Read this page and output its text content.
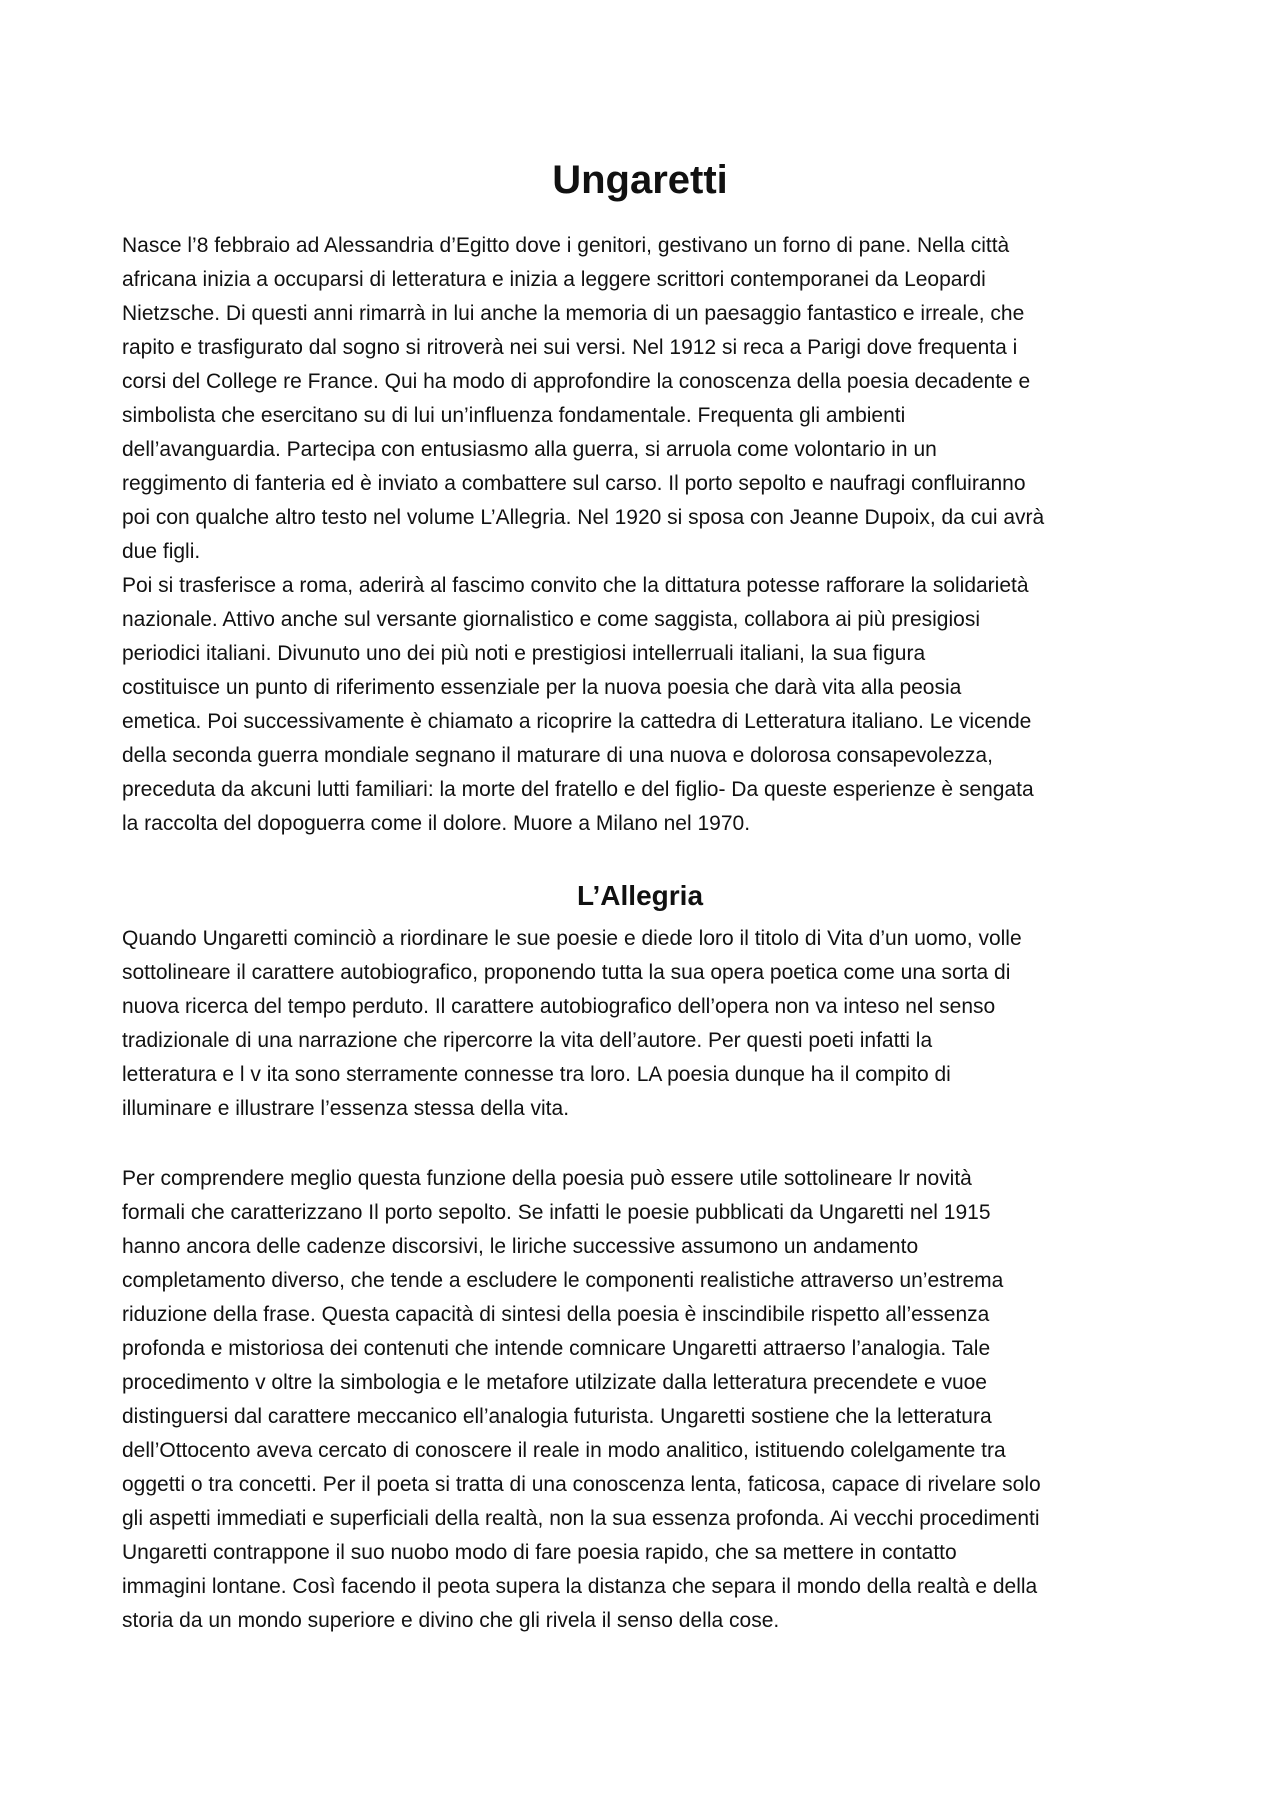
Ungaretti
Nasce l’8 febbraio ad Alessandria d’Egitto dove i genitori, gestivano un forno di pane. Nella città
africana inizia a occuparsi di letteratura e inizia a leggere scrittori contemporanei da Leopardi
Nietzsche. Di questi anni rimarrà in lui anche la memoria di un paesaggio fantastico e irreale, che
rapito e trasfigurato dal sogno si ritroverà nei sui versi. Nel 1912 si reca a Parigi dove frequenta i
corsi del College re France. Qui ha modo di approfondire la conoscenza della poesia decadente e
simbolista che esercitano su di lui un’influenza fondamentale. Frequenta gli ambienti
dell’avanguardia. Partecipa con entusiasmo alla guerra, si arruola come volontario in un
reggimento di fanteria ed è inviato a combattere sul carso. Il porto sepolto e naufragi confluiranno
poi con qualche altro testo nel volume L’Allegria. Nel 1920 si sposa con Jeanne Dupoix, da cui avrà
due figli.
Poi si trasferisce a roma, aderirà al fascimo convito che la dittatura potesse rafforare la solidarietà
nazionale. Attivo anche sul versante giornalistico e come saggista, collabora ai più presigiosi
periodici italiani. Divunuto uno dei più noti e prestigiosi intellerruali italiani, la sua figura
costituisce un punto di riferimento essenziale per la nuova poesia che darà vita alla peosia
emetica. Poi successivamente è chiamato a ricoprire la cattedra di Letteratura italiano. Le vicende
della seconda guerra mondiale segnano il maturare di una nuova e dolorosa consapevolezza,
preceduta da akcuni lutti familiari: la morte del fratello e del figlio- Da queste esperienze è sengata
la raccolta del dopoguerra come il dolore. Muore a Milano nel 1970.
L’Allegria
Quando Ungaretti cominciò a riordinare le sue poesie e diede loro il titolo di Vita d’un uomo, volle
sottolineare il carattere autobiografico, proponendo tutta la sua opera poetica come una sorta di
nuova ricerca del tempo perduto. Il carattere autobiografico dell’opera non va inteso nel senso
tradizionale di una narrazione che ripercorre la vita dell’autore. Per questi poeti infatti la
letteratura e l v ita sono sterramente connesse tra loro. LA poesia dunque ha il compito di
illuminare e illustrare l’essenza stessa della vita.
Per comprendere meglio questa funzione della poesia può essere utile sottolineare lr novità
formali che caratterizzano Il porto sepolto. Se infatti le poesie pubblicati da Ungaretti nel 1915
hanno ancora delle cadenze discorsivi, le liriche successive assumono un andamento
completamento diverso, che tende a escludere le componenti realistiche attraverso un’estrema
riduzione della frase. Questa capacità di sintesi della poesia è inscindibile rispetto all’essenza
profonda e mistoriosa dei contenuti che intende comnicare Ungaretti attraerso l’analogia. Tale
procedimento v oltre la simbologia e le metafore utilzizate dalla letteratura precendete e vuoe
distinguersi dal carattere meccanico ell’analogia futurista. Ungaretti sostiene che la letteratura
dell’Ottocento aveva cercato di conoscere il reale in modo analitico, istituendo colelgamente tra
oggetti o tra concetti. Per il poeta si tratta di una conoscenza lenta, faticosa, capace di rivelare solo
gli aspetti immediati e superficiali della realtà, non la sua essenza profonda. Ai vecchi procedimenti
Ungaretti contrappone il suo nuobo modo di fare poesia rapido, che sa mettere in contatto
immagini lontane. Così facendo il peota supera la distanza che separa il mondo della realtà e della
storia da un mondo superiore e divino che gli rivela il senso della cose.
